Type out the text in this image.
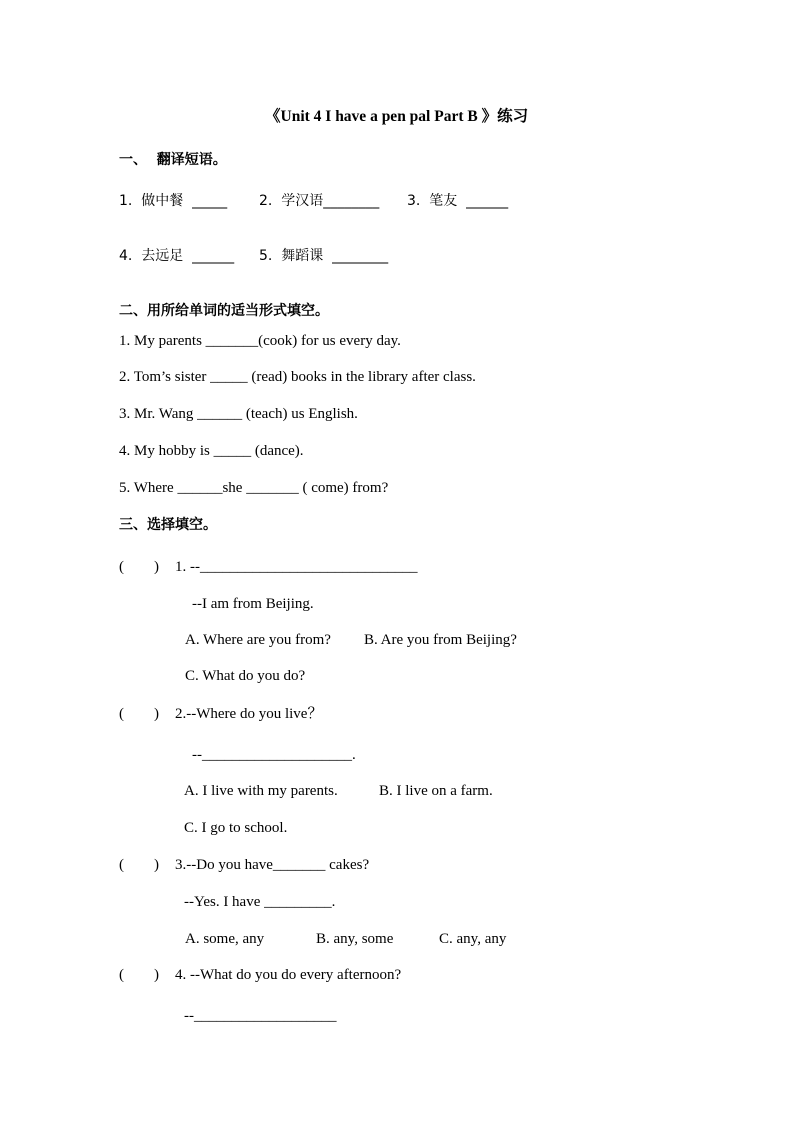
《Unit 4 I have a pen pal Part B 》练习
一、  翻译短语。
1.  做中餐  _____ 2.  学汉语________ 3.  笔友  ______
4.  去远足  ______ 5.  舞蹈课  ________
二、用所给单词的适当形式填空。
1. My parents _______(cook) for us every day.
2. Tom’s sister _____ (read) books in the library after class.
3. Mr. Wang ______ (teach) us English.
4. My hobby is _____ (dance).
5. Where ______she _______ ( come) from?
三、选择填空。
(        ) 1. --_____________________________
--I am from Beijing.
A. Where are you from? B. Are you from Beijing?
C. What do you do?
(        ) 2.--Where do you live？
--____________________.
A. I live with my parents.	B. I live on a farm.
C. I go to school.
(        ) 3.--Do you have_______ cakes?
--Yes. I have _________.
A. some, any	B. any, some	C. any, any
(        ) 4. --What do you do every afternoon?
--___________________
